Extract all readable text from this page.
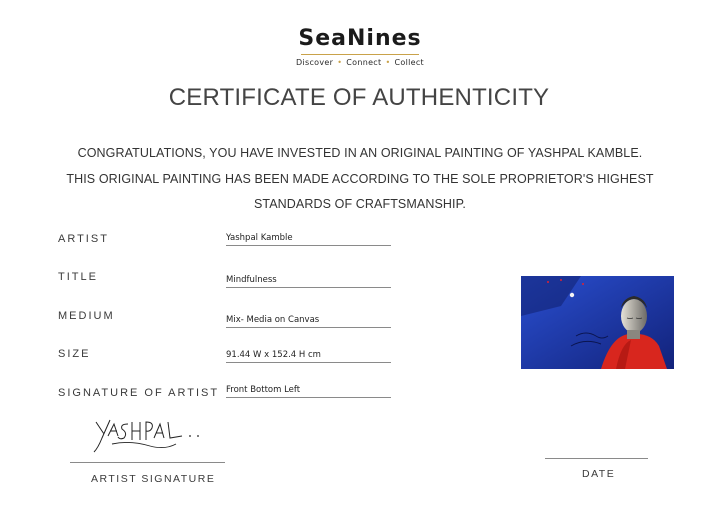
SeaNines
Discover • Connect • Collect
CERTIFICATE OF AUTHENTICITY
CONGRATULATIONS, YOU HAVE INVESTED IN AN ORIGINAL PAINTING OF YASHPAL KAMBLE.
THIS ORIGINAL PAINTING HAS BEEN MADE ACCORDING TO THE SOLE PROPRIETOR'S HIGHEST
STANDARDS OF CRAFTSMANSHIP.
ARTIST	Yashpal Kamble
TITLE	Mindfulness
MEDIUM	Mix- Media on Canvas
SIZE	91.44 W x 152.4 H cm
SIGNATURE OF ARTIST Front Bottom Left
ARTIST SIGNATURE	DATE
